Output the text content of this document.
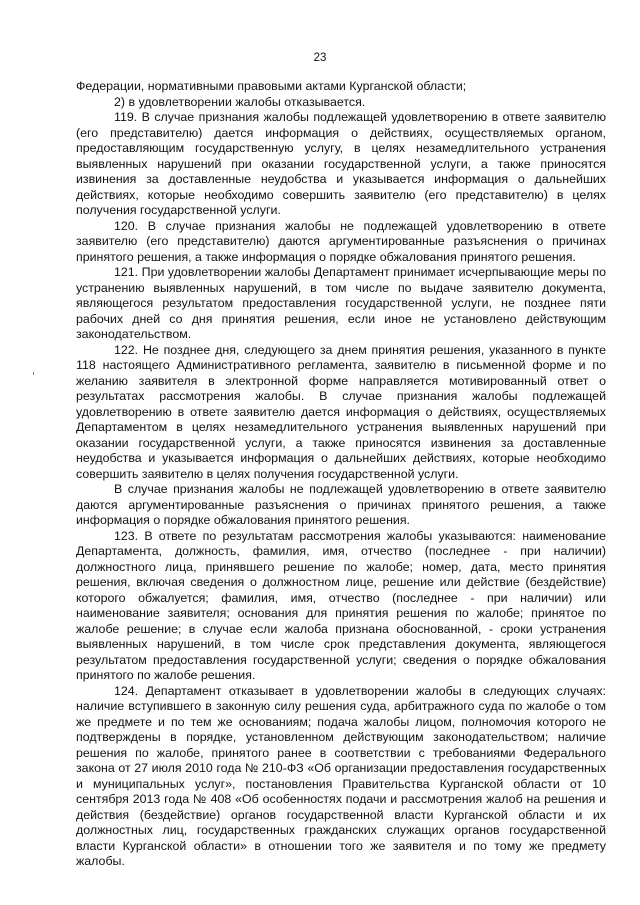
23

Федерации, нормативными правовыми актами Курганской области;

2) в удовлетворении жалобы отказывается.

119. В случае признания жалобы подлежащей удовлетворению в ответе заявителю (его представителю) дается информация о действиях, осуществляемых органом, предоставляющим государственную услугу, в целях незамедлительного устранения выявленных нарушений при оказании государственной услуги, а также приносятся извинения за доставленные неудобства и указывается информация о дальнейших действиях, которые необходимо совершить заявителю (его представителю) в целях получения государственной услуги.

120. В случае признания жалобы не подлежащей удовлетворению в ответе заявителю (его представителю) даются аргументированные разъяснения о причинах принятого решения, а также информация о порядке обжалования принятого решения.

121. При удовлетворении жалобы Департамент принимает исчерпывающие меры по устранению выявленных нарушений, в том числе по выдаче заявителю документа, являющегося результатом предоставления государственной услуги, не позднее пяти рабочих дней со дня принятия решения, если иное не установлено действующим законодательством.

122. Не позднее дня, следующего за днем принятия решения, указанного в пункте 118 настоящего Административного регламента, заявителю в письменной форме и по желанию заявителя в электронной форме направляется мотивированный ответ о результатах рассмотрения жалобы. В случае признания жалобы подлежащей удовлетворению в ответе заявителю дается информация о действиях, осуществляемых Департаментом в целях незамедлительного устранения выявленных нарушений при оказании государственной услуги, а также приносятся извинения за доставленные неудобства и указывается информация о дальнейших действиях, которые необходимо совершить заявителю в целях получения государственной услуги.

В случае признания жалобы не подлежащей удовлетворению в ответе заявителю даются аргументированные разъяснения о причинах принятого решения, а также информация о порядке обжалования принятого решения.

123. В ответе по результатам рассмотрения жалобы указываются: наименование Департамента, должность, фамилия, имя, отчество (последнее - при наличии) должностного лица, принявшего решение по жалобе; номер, дата, место принятия решения, включая сведения о должностном лице, решение или действие (бездействие) которого обжалуется; фамилия, имя, отчество (последнее - при наличии) или наименование заявителя; основания для принятия решения по жалобе; принятое по жалобе решение; в случае если жалоба признана обоснованной, - сроки устранения выявленных нарушений, в том числе срок представления документа, являющегося результатом предоставления государственной услуги; сведения о порядке обжалования принятого по жалобе решения.

124. Департамент отказывает в удовлетворении жалобы в следующих случаях: наличие вступившего в законную силу решения суда, арбитражного суда по жалобе о том же предмете и по тем же основаниям; подача жалобы лицом, полномочия которого не подтверждены в порядке, установленном действующим законодательством; наличие решения по жалобе, принятого ранее в соответствии с требованиями Федерального закона от 27 июля 2010 года № 210-ФЗ «Об организации предоставления государственных и муниципальных услуг», постановления Правительства Курганской области от 10 сентября 2013 года № 408 «Об особенностях подачи и рассмотрения жалоб на решения и действия (бездействие) органов государственной власти Курганской области и их должностных лиц, государственных гражданских служащих органов государственной власти Курганской области» в отношении того же заявителя и по тому же предмету жалобы.
